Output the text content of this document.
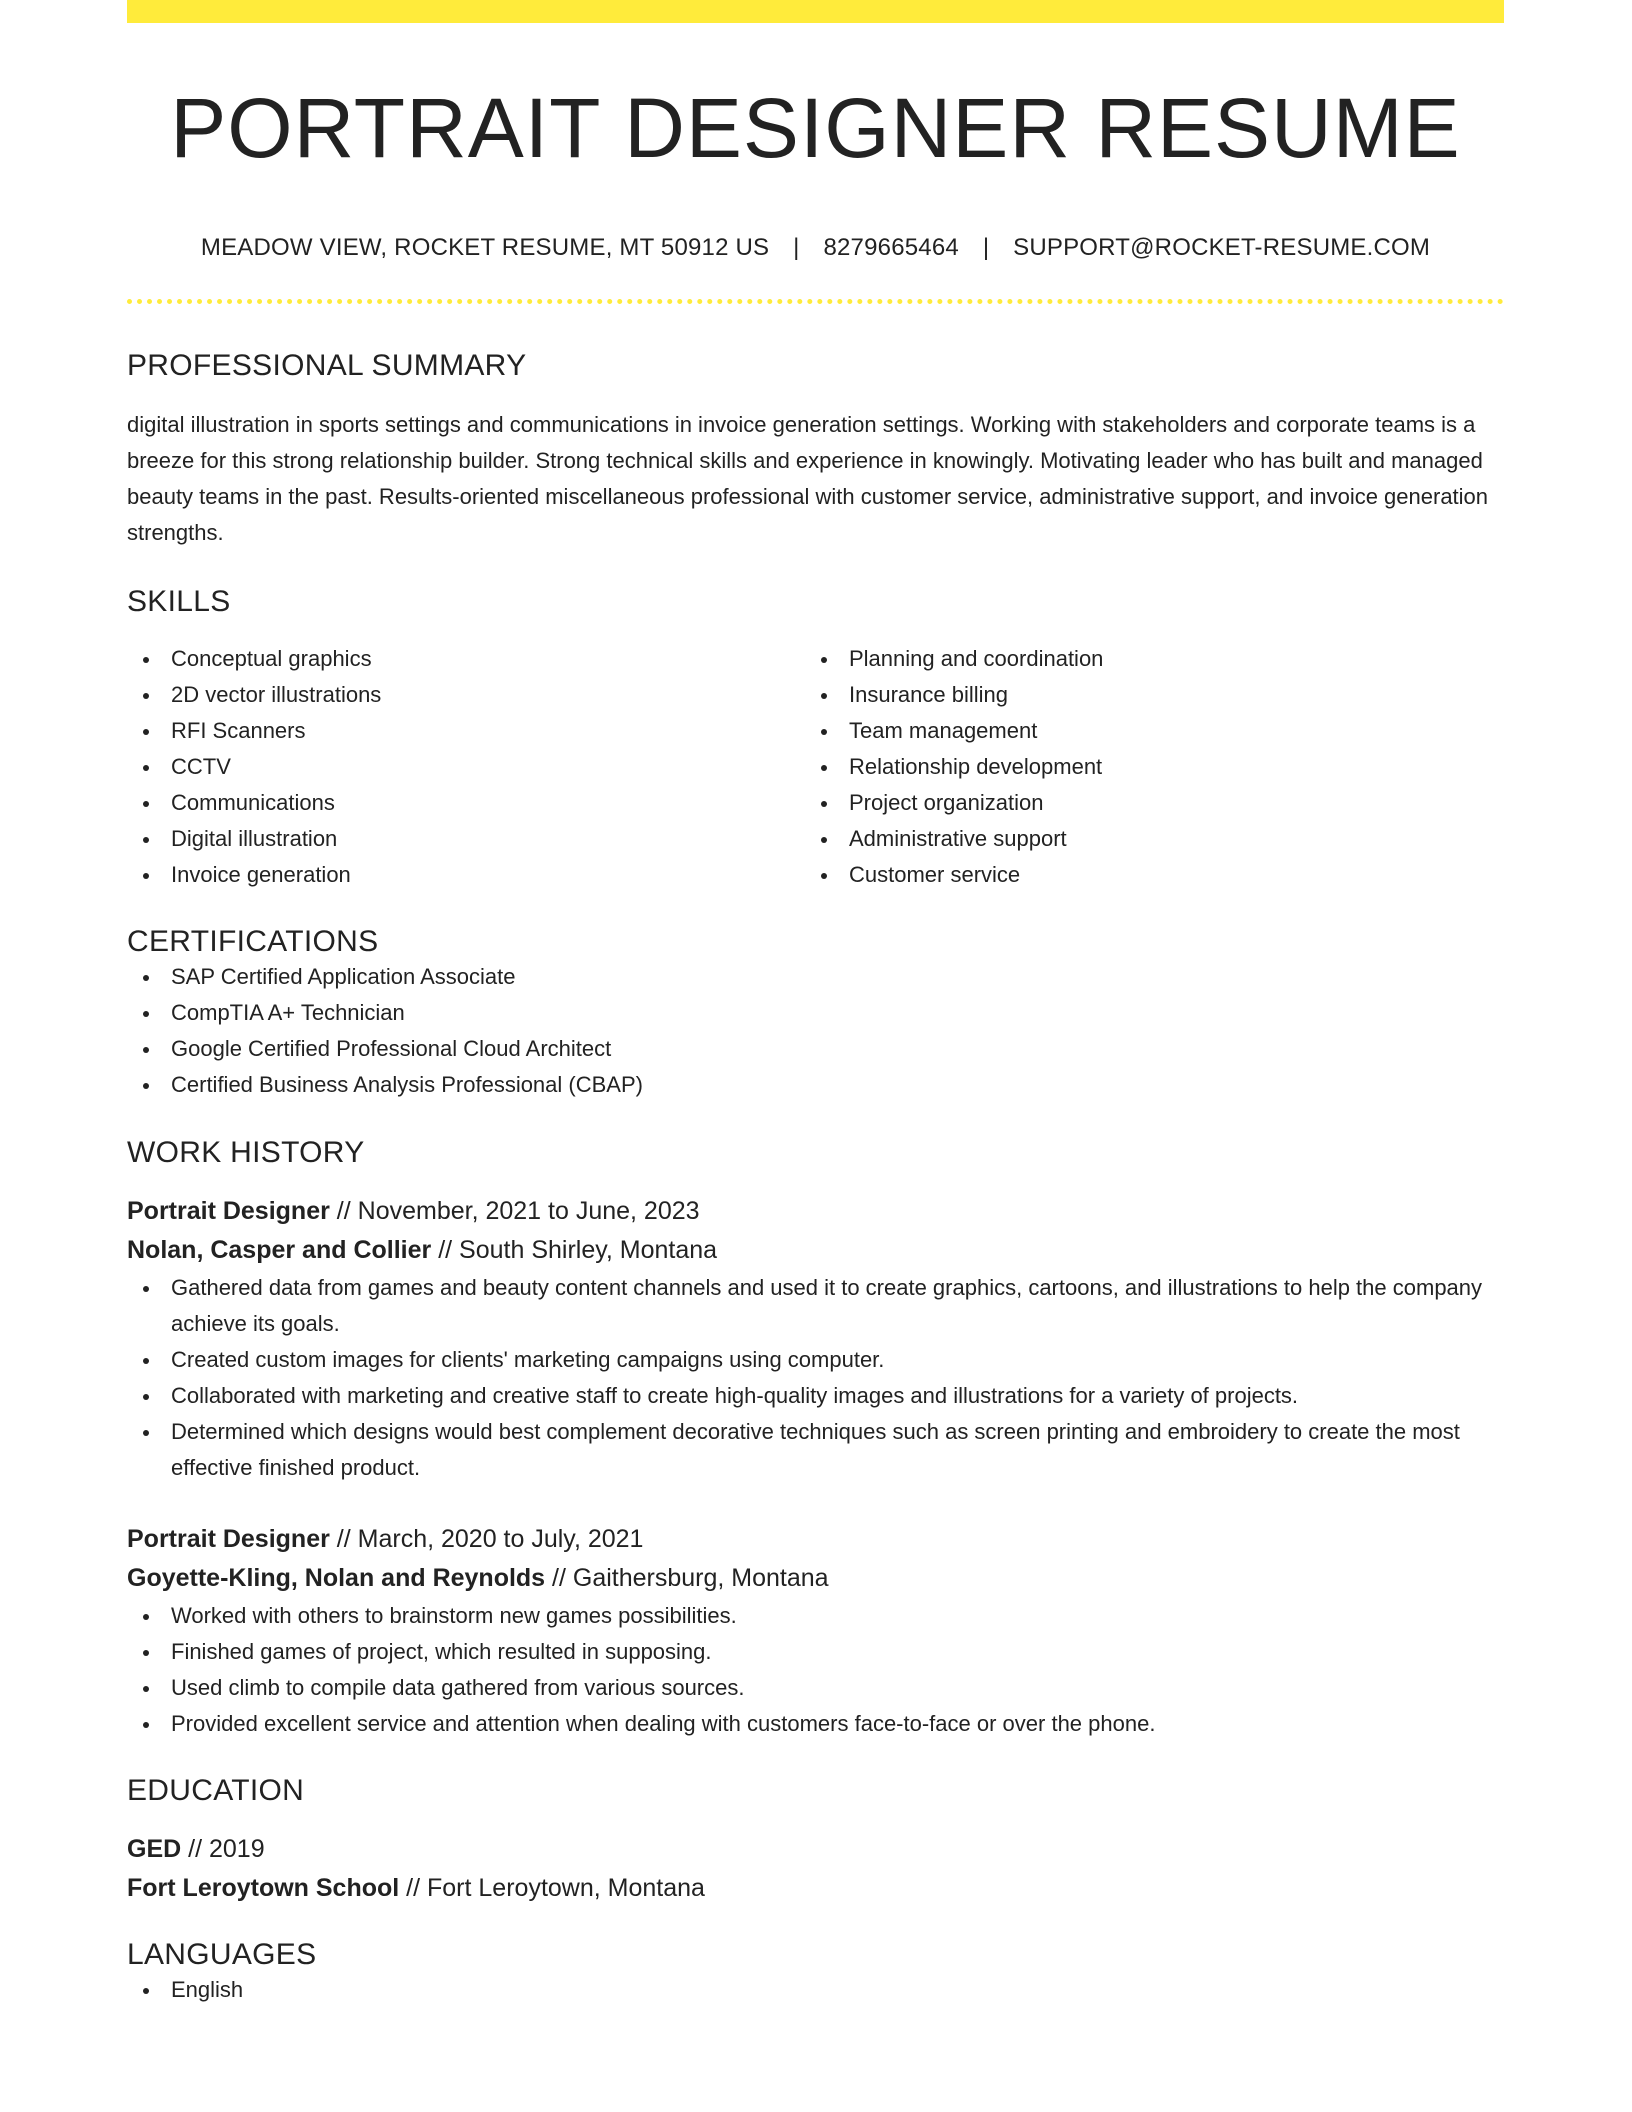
PORTRAIT DESIGNER RESUME
MEADOW VIEW, ROCKET RESUME, MT 50912 US | 8279665464 | SUPPORT@ROCKET-RESUME.COM
PROFESSIONAL SUMMARY
digital illustration in sports settings and communications in invoice generation settings. Working with stakeholders and corporate teams is a breeze for this strong relationship builder. Strong technical skills and experience in knowingly. Motivating leader who has built and managed beauty teams in the past. Results-oriented miscellaneous professional with customer service, administrative support, and invoice generation strengths.
SKILLS
Conceptual graphics
2D vector illustrations
RFI Scanners
CCTV
Communications
Digital illustration
Invoice generation
Planning and coordination
Insurance billing
Team management
Relationship development
Project organization
Administrative support
Customer service
CERTIFICATIONS
SAP Certified Application Associate
CompTIA A+ Technician
Google Certified Professional Cloud Architect
Certified Business Analysis Professional (CBAP)
WORK HISTORY
Portrait Designer // November, 2021 to June, 2023
Nolan, Casper and Collier // South Shirley, Montana
Gathered data from games and beauty content channels and used it to create graphics, cartoons, and illustrations to help the company achieve its goals.
Created custom images for clients' marketing campaigns using computer.
Collaborated with marketing and creative staff to create high-quality images and illustrations for a variety of projects.
Determined which designs would best complement decorative techniques such as screen printing and embroidery to create the most effective finished product.
Portrait Designer // March, 2020 to July, 2021
Goyette-Kling, Nolan and Reynolds // Gaithersburg, Montana
Worked with others to brainstorm new games possibilities.
Finished games of project, which resulted in supposing.
Used climb to compile data gathered from various sources.
Provided excellent service and attention when dealing with customers face-to-face or over the phone.
EDUCATION
GED // 2019
Fort Leroytown School // Fort Leroytown, Montana
LANGUAGES
English
